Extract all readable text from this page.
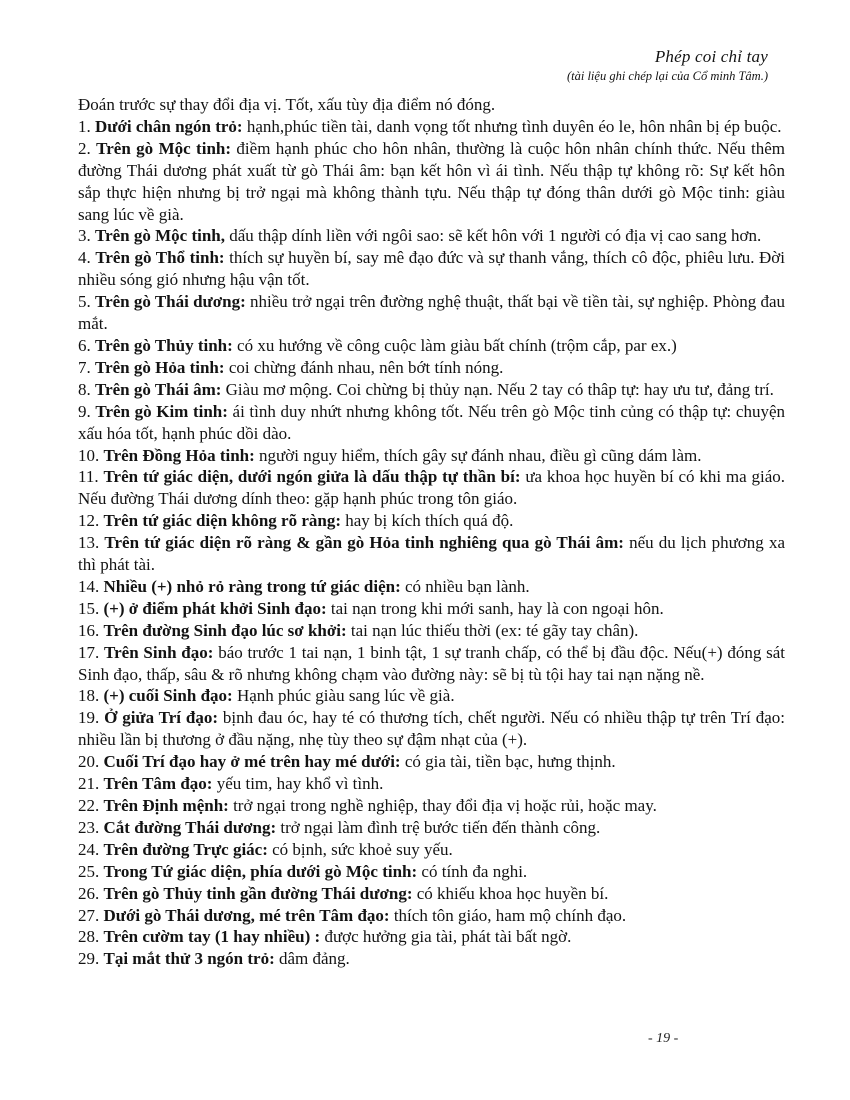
Phép coi chỉ tay
(tài liệu ghi chép lại của Cổ minh Tâm.)

Đoán trước sự thay đổi địa vị. Tốt, xấu tùy địa điểm nó đóng.

1. Dưới chân ngón trỏ: hạnh,phúc tiền tài, danh vọng tốt nhưng tình duyên éo le, hôn nhân bị ép buộc.

2. Trên gò Mộc tinh: điềm hạnh phúc cho hôn nhân, thường là cuộc hôn nhân chính thức. Nếu thêm đường Thái dương phát xuất từ gò Thái âm: bạn kết hôn vì ái tình. Nếu thập tự không rõ: Sự kết hôn sắp thực hiện nhưng bị trở ngại mà không thành tựu. Nếu thập tự đóng thân dưới gò Mộc tinh: giàu sang lúc về già.

3. Trên gò Mộc tinh, dấu thập dính liền với ngôi sao: sẽ kết hôn với 1 người có địa vị cao sang hơn.

4. Trên gò Thổ tinh: thích sự huyền bí, say mê đạo đức và sự thanh vắng, thích cô độc, phiêu lưu. Đời nhiều sóng gió nhưng hậu vận tốt.

5. Trên gò Thái dương: nhiều trở ngại trên đường nghệ thuật, thất bại về tiền tài, sự nghiệp. Phòng đau mắt.

6. Trên gò Thủy tinh: có xu hướng về công cuộc làm giàu bất chính (trộm cắp, par ex.)

7. Trên gò Hỏa tinh: coi chừng đánh nhau, nên bớt tính nóng.

8. Trên gò Thái âm: Giàu mơ mộng. Coi chừng bị thủy nạn. Nếu 2 tay có thâp tự: hay ưu tư, đảng trí.

9. Trên gò Kim tinh: ái tình duy nhứt nhưng không tốt. Nếu trên gò Mộc tinh củng có thập tự: chuyện xấu hóa tốt, hạnh phúc dồi dào.

10. Trên Đồng Hỏa tinh: người nguy hiểm, thích gây sự đánh nhau, điều gì cũng dám làm.

11. Trên tứ giác diện, dưới ngón giửa là dấu thập tự thần bí: ưa khoa học huyền bí có khi ma giáo. Nếu đường Thái dương dính theo: gặp hạnh phúc trong tôn giáo.

12. Trên tứ giác diện không rõ ràng: hay bị kích thích quá độ.

13. Trên tứ giác diện rõ ràng & gần gò Hỏa tinh nghiêng qua gò Thái âm: nếu du lịch phương xa thì phát tài.

14. Nhiều (+) nhỏ rỏ ràng trong tứ giác diện: có nhiều bạn lành.

15. (+) ở điểm phát khởi Sinh đạo: tai nạn trong khi mới sanh, hay là con ngoại hôn.

16. Trên đường Sinh đạo lúc sơ khởi: tai nạn lúc thiếu thời (ex: té gãy tay chân).

17. Trên Sinh đạo: báo trước 1 tai nạn, 1 binh tật, 1 sự tranh chấp, có thể bị đầu độc. Nếu(+) đóng sát Sinh đạo, thấp, sâu & rõ nhưng không chạm vào đường này: sẽ bị tù tội hay tai nạn nặng nề.

18. (+) cuối Sinh đạo: Hạnh phúc giàu sang lúc về già.

19. Ở giửa Trí đạo: bịnh đau óc, hay té có thương tích, chết người. Nếu có nhiều thập tự trên Trí đạo: nhiều lần bị thương ở đầu nặng, nhẹ tùy theo sự đậm nhạt của (+).

20. Cuối Trí đạo hay ở mé trên hay mé dưới: có gia tài, tiền bạc, hưng thịnh.

21. Trên Tâm đạo: yếu tim, hay khổ vì tình.

22. Trên Định mệnh: trở ngại trong nghề nghiệp, thay đổi địa vị hoặc rủi, hoặc may.

23. Cắt đường Thái dương: trở ngại làm đình trệ bước tiến đến thành công.

24. Trên đường Trực giác: có bịnh, sức khoẻ suy yếu.

25. Trong Tứ giác diện, phía dưới gò Mộc tinh: có tính đa nghi.

26. Trên gò Thủy tinh gần đường Thái dương: có khiếu khoa học huyền bí.

27. Dưới gò Thái dương, mé trên Tâm đạo: thích tôn giáo, ham mộ chính đạo.

28. Trên cườm tay (1 hay nhiều) : được hưởng gia tài, phát tài bất ngờ.

29. Tại mắt thử 3 ngón trỏ: dâm đảng.

- 19 -
